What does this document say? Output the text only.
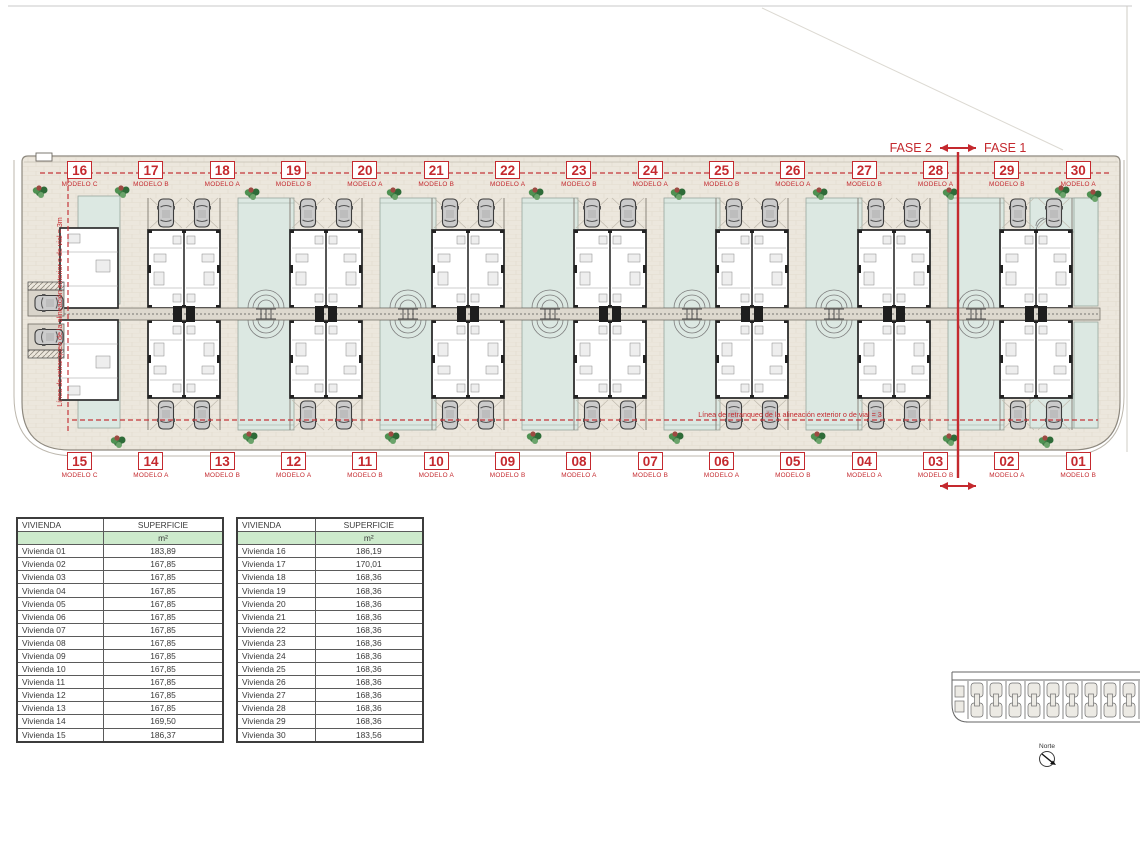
Línea de retranqueo de la alineación exterior o de vial = 3
Línea de retranqueo de la alineación exterior o de vial = 3m
FASE 2	FASE 1
Norte
16
MODELO C
17
MODELO B
18
MODELO A
19
MODELO B
20
MODELO A
21
MODELO B
22
MODELO A
23
MODELO B
24
MODELO A
25
MODELO B
26
MODELO A
27
MODELO B
28
MODELO A
29
MODELO B
30
MODELO A
15
MODELO C
14
MODELO A
13
MODELO B
12
MODELO A
11
MODELO B
10
MODELO A
09
MODELO B
08
MODELO A
07
MODELO B
06
MODELO A
05
MODELO B
04
MODELO A
03
MODELO B
02
MODELO A
01
MODELO B
VIVIENDA	SUPERFICIE
	m²
Vivienda 01	183,89
Vivienda 02	167,85
Vivienda 03	167,85
Vivienda 04	167,85
Vivienda 05	167,85
Vivienda 06	167,85
Vivienda 07	167,85
Vivienda 08	167,85
Vivienda 09	167,85
Vivienda 10	167,85
Vivienda 11	167,85
Vivienda 12	167,85
Vivienda 13	167,85
Vivienda 14	169,50
Vivienda 15	186,37
VIVIENDA	SUPERFICIE
	m²
Vivienda 16	186,19
Vivienda 17	170,01
Vivienda 18	168,36
Vivienda 19	168,36
Vivienda 20	168,36
Vivienda 21	168,36
Vivienda 22	168,36
Vivienda 23	168,36
Vivienda 24	168,36
Vivienda 25	168,36
Vivienda 26	168,36
Vivienda 27	168,36
Vivienda 28	168,36
Vivienda 29	168,36
Vivienda 30	183,56
